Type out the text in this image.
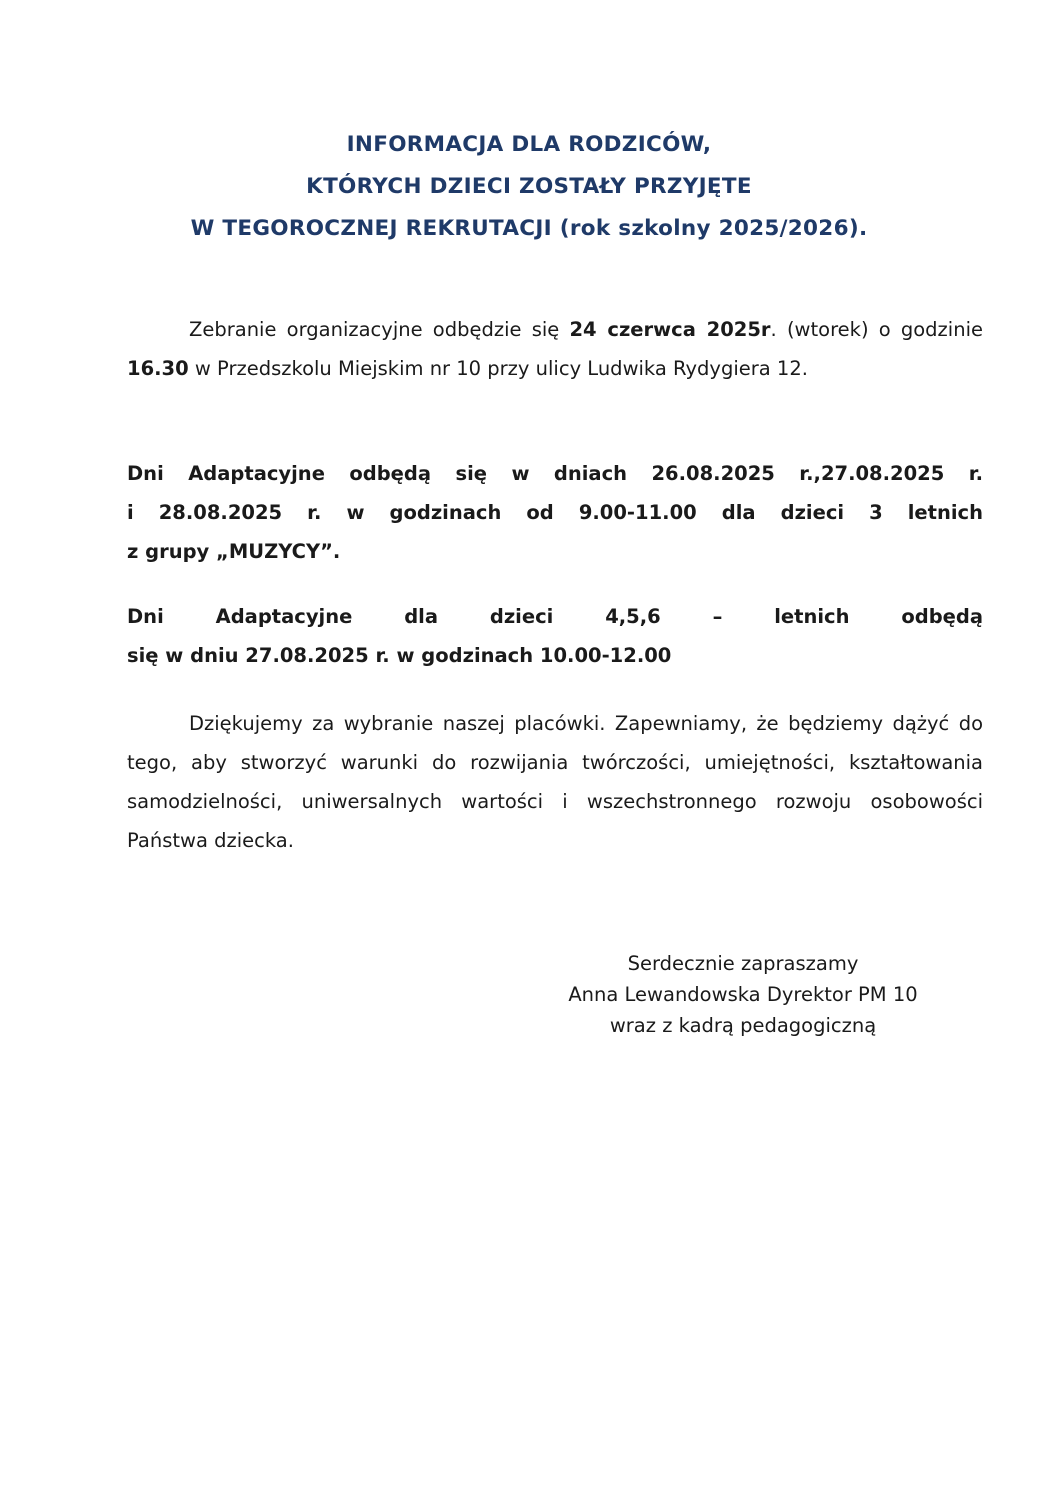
INFORMACJA DLA RODZICÓW,
KTÓRYCH DZIECI ZOSTAŁY PRZYJĘTE
W TEGOROCZNEJ REKRUTACJI (rok szkolny 2025/2026).
Zebranie organizacyjne odbędzie się 24 czerwca 2025r. (wtorek) o godzinie 16.30 w Przedszkolu Miejskim nr 10 przy ulicy Ludwika Rydygiera 12.
Dni Adaptacyjne odbędą się w dniach 26.08.2025 r.,27.08.2025 r.
i 28.08.2025 r. w godzinach od 9.00-11.00 dla dzieci 3 letnich
z grupy „MUZYCY”.
Dni Adaptacyjne dla dzieci 4,5,6 – letnich odbędą
się w dniu 27.08.2025 r. w godzinach 10.00-12.00
Dziękujemy za wybranie naszej placówki. Zapewniamy, że będziemy dążyć do tego, aby stworzyć warunki do rozwijania twórczości, umiejętności, kształtowania samodzielności, uniwersalnych wartości i wszechstronnego rozwoju osobowości Państwa dziecka.
Serdecznie zapraszamy
Anna Lewandowska Dyrektor PM 10
wraz z kadrą pedagogiczną
